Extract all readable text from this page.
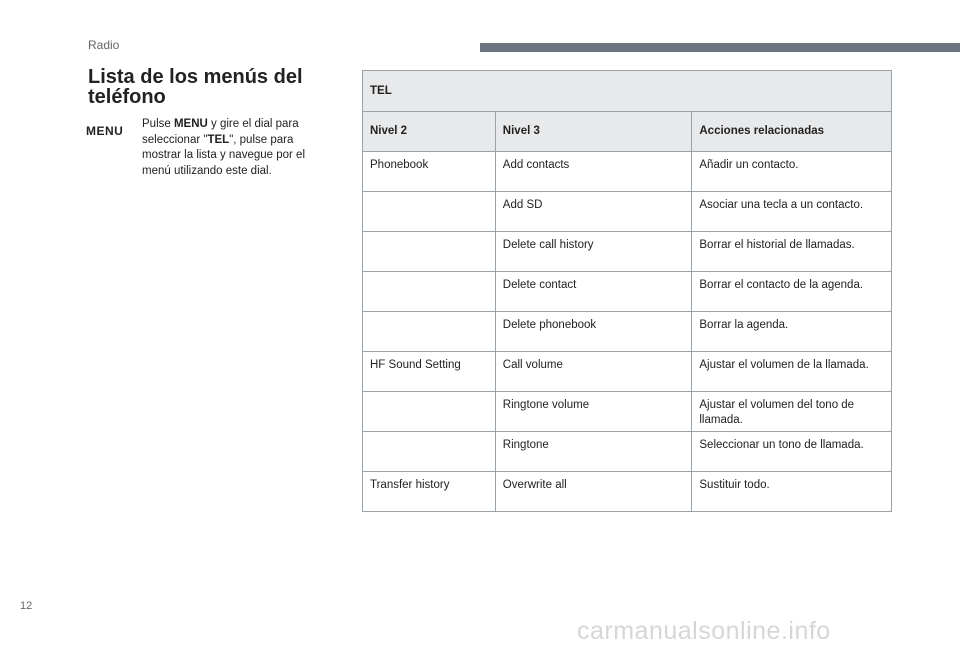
Radio
Lista de los menús del
teléfono
MENU Pulse MENU y gire el dial para seleccionar "TEL", pulse para mostrar la lista y navegue por el menú utilizando este dial.
TEL		
Nivel 2	Nivel 3	Acciones relacionadas
Phonebook	Add contacts	Añadir un contacto.
	Add SD	Asociar una tecla a un contacto.
	Delete call history	Borrar el historial de llamadas.
	Delete contact	Borrar el contacto de la agenda.
	Delete phonebook	Borrar la agenda.
HF Sound Setting	Call volume	Ajustar el volumen de la llamada.
	Ringtone volume	Ajustar el volumen del tono de llamada.
	Ringtone	Seleccionar un tono de llamada.
Transfer history	Overwrite all	Sustituir todo.
12
carmanualsonline.info
